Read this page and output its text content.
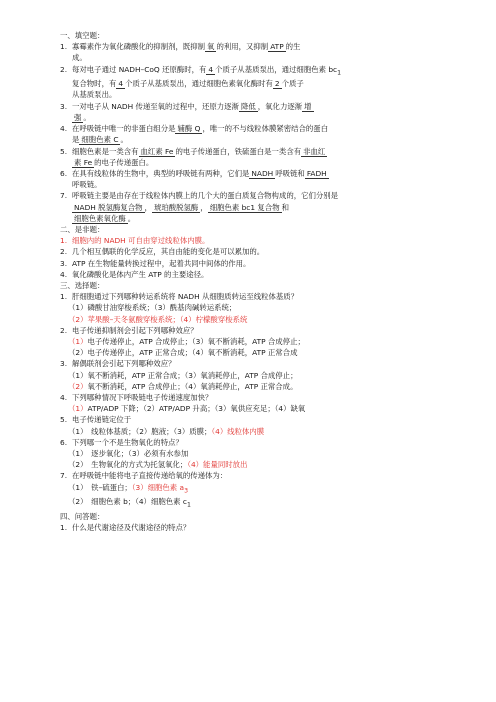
一、填空题：
1. 寡霉素作为氧化磷酸化的抑制剂，既抑制 氧 的利用，又抑制 ATP 的生
成。
2. 每对电子通过 NADH–CoQ 还原酶时，有 4 个质子从基质泵出，通过细胞色素 $bc_1$
复合物时，有 4 个质子从基质泵出，通过细胞色素氧化酶时有 2 个质子
从基质泵出。
3. 一对电子从 NADH 传递至氧的过程中，还原力逐渐 降低 ，氧化力逐渐 增
强 。
4. 在呼吸链中唯一的非蛋白组分是 辅酶 Q ，唯一的不与线粒体膜紧密结合的蛋白
是 细胞色素 C 。
5. 细胞色素是一类含有 血红素 Fe 的电子传递蛋白，铁硫蛋白是一类含有 非血红
素 Fe 的电子传递蛋白。
6. 在具有线粒体的生物中，典型的呼吸链有两种，它们是 NADH 呼吸链和 FADH
呼吸链。
7. 呼吸链主要是由存在于线粒体内膜上的几个大的蛋白质复合物构成的，它们分别是
NADH 脱氢酶复合物 ， 琥珀酸脱氢酶 ， 细胞色素 bc1 复合物 和
细胞色素氧化酶 。
二、是非题：
1. 细胞内的 NADH 可自由穿过线粒体内膜。
2. 几个相互偶联的化学反应，其自由能的变化是可以累加的。
3. ATP 在生物能量转换过程中，起着共同中间体的作用。
4. 氧化磷酸化是体内产生 ATP 的主要途径。
三、选择题：
1. 肝细胞通过下列哪种转运系统将 NADH 从细胞质转运至线粒体基质？
（1）磷酸甘油穿梭系统；（3）酰基肉碱转运系统；
（2）苹果酸–天冬氨酸穿梭系统；（4）柠檬酸穿梭系统
2. 电子传递抑制剂会引起下列哪种效应？
（1）电子传递停止，ATP 合成停止；（3）氧不断消耗，ATP 合成停止；
（2）电子传递停止，ATP 正常合成；（4）氧不断消耗，ATP 正常合成
3. 解偶联剂会引起下列哪种效应？
（1）氧不断消耗，ATP 正常合成；（3）氧消耗停止，ATP 合成停止；
（2）氧不断消耗，ATP 合成停止；（4）氧消耗停止，ATP 正常合成。
4. 下列哪种情况下呼吸链电子传递速度加快？
（1）ATP/ADP 下降；（2）ATP/ADP 升高；（3）氧供应充足；（4）缺氧
5. 电子传递链定位于
（1）　线粒体基质；（2）胞液；（3）质膜；（4）线粒体内膜
6. 下列哪一个不是生物氧化的特点？
（1）　逐步氧化；（3）必须有水参加
（2）　生物氧化的方式为托氢氧化；（4）能量同时放出
7. 在呼吸链中能将电子直接传递给氧的传递体为：
（1）　铁–硫蛋白；（3）细胞色素 $a_3$
（2）　细胞色素 b；（4）细胞色素 $c_1$
四、问答题：
1. 什么是代谢途径及代谢途径的特点？
